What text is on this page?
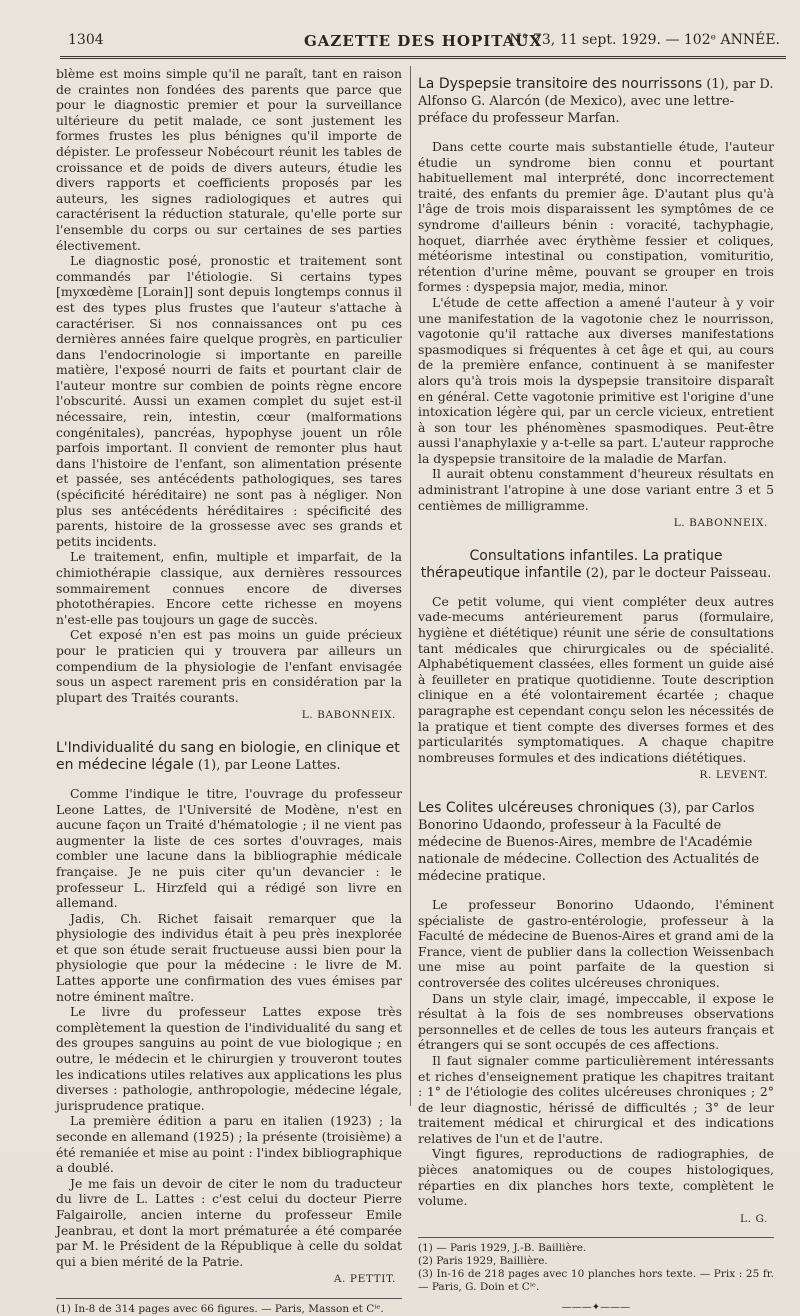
1304	GAZETTE DES HOPITAUX
N° 73, 11 sept. 1929. — 102ᵉ ANNÉE.

blème est moins simple qu'il ne paraît, tant en raison de craintes non fondées des parents que parce que pour le diagnostic premier et pour la surveillance ultérieure du petit malade, ce sont justement les formes frustes les plus bénignes qu'il importe de dépister. Le professeur Nobécourt réunit les tables de croissance et de poids de divers auteurs, étudie les divers rapports et coefficients proposés par les auteurs, les signes radiologiques et autres qui caractérisent la réduction staturale, qu'elle porte sur l'ensemble du corps ou sur certaines de ses parties électivement.

Le diagnostic posé, pronostic et traitement sont commandés par l'étiologie. Si certains types [myxœdème [Lorain]] sont depuis longtemps connus il est des types plus frustes que l'auteur s'attache à caractériser. Si nos connaissances ont pu ces dernières années faire quelque progrès, en particulier dans l'endocrinologie si importante en pareille matière, l'exposé nourri de faits et pourtant clair de l'auteur montre sur combien de points règne encore l'obscurité. Aussi un examen complet du sujet est-il nécessaire, rein, intestin, cœur (malformations congénitales), pancréas, hypophyse jouent un rôle parfois important. Il convient de remonter plus haut dans l'histoire de l'enfant, son alimentation présente et passée, ses antécédents pathologiques, ses tares (spécificité héréditaire) ne sont pas à négliger. Non plus ses antécédents héréditaires : spécificité des parents, histoire de la grossesse avec ses grands et petits incidents.

Le traitement, enfin, multiple et imparfait, de la chimiothérapie classique, aux dernières ressources sommairement connues encore de diverses photothérapies. Encore cette richesse en moyens n'est-elle pas toujours un gage de succès.

Cet exposé n'en est pas moins un guide précieux pour le praticien qui y trouvera par ailleurs un compendium de la physiologie de l'enfant envisagée sous un aspect rarement pris en considération par la plupart des Traités courants.

L. BABONNEIX.
L'Individualité du sang en biologie, en clinique et en médecine légale (1), par Leone Lattes.

Comme l'indique le titre, l'ouvrage du professeur Leone Lattes, de l'Université de Modène, n'est en aucune façon un Traité d'hématologie ; il ne vient pas augmenter la liste de ces sortes d'ouvrages, mais combler une lacune dans la bibliographie médicale française. Je ne puis citer qu'un devancier : le professeur L. Hirzfeld qui a rédigé son livre en allemand.

Jadis, Ch. Richet faisait remarquer que la physiologie des individus était à peu près inexplorée et que son étude serait fructueuse aussi bien pour la physiologie que pour la médecine : le livre de M. Lattes apporte une confirmation des vues émises par notre éminent maître.

Le livre du professeur Lattes expose très complètement la question de l'individualité du sang et des groupes sanguins au point de vue biologique ; en outre, le médecin et le chirurgien y trouveront toutes les indications utiles relatives aux applications les plus diverses : pathologie, anthropologie, médecine légale, jurisprudence pratique.

La première édition a paru en italien (1923) ; la seconde en allemand (1925) ; la présente (troisième) a été remaniée et mise au point : l'index bibliographique a doublé.

Je me fais un devoir de citer le nom du traducteur du livre de L. Lattes : c'est celui du docteur Pierre Falgairolle, ancien interne du professeur Emile Jeanbrau, et dont la mort prématurée a été comparée par M. le Président de la République à celle du soldat qui a bien mérité de la Patrie.

A. PETTIT.

(1) In-8 de 314 pages avec 66 figures. — Paris, Masson et Cⁱᵉ.

La Dyspepsie transitoire des nourrissons (1), par D. Alfonso G. Alarcón (de Mexico), avec une lettre-préface du professeur Marfan.

Dans cette courte mais substantielle étude, l'auteur étudie un syndrome bien connu et pourtant habituellement mal interprété, donc incorrectement traité, des enfants du premier âge. D'autant plus qu'à l'âge de trois mois disparaissent les symptômes de ce syndrome d'ailleurs bénin : voracité, tachyphagie, hoquet, diarrhée avec érythème fessier et coliques, météorisme intestinal ou constipation, vomituritio, rétention d'urine même, pouvant se grouper en trois formes : dyspepsia major, media, minor.

L'étude de cette affection a amené l'auteur à y voir une manifestation de la vagotonie chez le nourrisson, vagotonie qu'il rattache aux diverses manifestations spasmodiques si fréquentes à cet âge et qui, au cours de la première enfance, continuent à se manifester alors qu'à trois mois la dyspepsie transitoire disparaît en général. Cette vagotonie primitive est l'origine d'une intoxication légère qui, par un cercle vicieux, entretient à son tour les phénomènes spasmodiques. Peut-être aussi l'anaphylaxie y a-t-elle sa part. L'auteur rapproche la dyspepsie transitoire de la maladie de Marfan.

Il aurait obtenu constamment d'heureux résultats en administrant l'atropine à une dose variant entre 3 et 5 centièmes de milligramme.

L. BABONNEIX.
Consultations infantiles. La pratique thérapeutique infantile (2), par le docteur Paisseau.

Ce petit volume, qui vient compléter deux autres vade-mecums antérieurement parus (formulaire, hygiène et diététique) réunit une série de consultations tant médicales que chirurgicales ou de spécialité. Alphabétiquement classées, elles forment un guide aisé à feuilleter en pratique quotidienne. Toute description clinique en a été volontairement écartée ; chaque paragraphe est cependant conçu selon les nécessités de la pratique et tient compte des diverses formes et des particularités symptomatiques. A chaque chapitre nombreuses formules et des indications diététiques.

R. LEVENT.
Les Colites ulcéreuses chroniques (3), par Carlos Bonorino Udaondo, professeur à la Faculté de médecine de Buenos-Aires, membre de l'Académie nationale de médecine. Collection des Actualités de médecine pratique.

Le professeur Bonorino Udaondo, l'éminent spécialiste de gastro-entérologie, professeur à la Faculté de médecine de Buenos-Aires et grand ami de la France, vient de publier dans la collection Weissenbach une mise au point parfaite de la question si controversée des colites ulcéreuses chroniques.

Dans un style clair, imagé, impeccable, il expose le résultat à la fois de ses nombreuses observations personnelles et de celles de tous les auteurs français et étrangers qui se sont occupés de ces affections.

Il faut signaler comme particulièrement intéressants et riches d'enseignement pratique les chapitres traitant : 1° de l'étiologie des colites ulcéreuses chroniques ; 2° de leur diagnostic, hérissé de difficultés ; 3° de leur traitement médical et chirurgical et des indications relatives de l'un et de l'autre.

Vingt figures, reproductions de radiographies, de pièces anatomiques ou de coupes histologiques, réparties en dix planches hors texte, complètent le volume.

L. G.

(1) — Paris 1929, J.-B. Baillière.

(2) Paris 1929, Baillière.

(3) In-16 de 218 pages avec 10 planches hors texte. — Prix : 25 fr. — Paris, G. Doin et Cⁱᵉ.

———✦———
